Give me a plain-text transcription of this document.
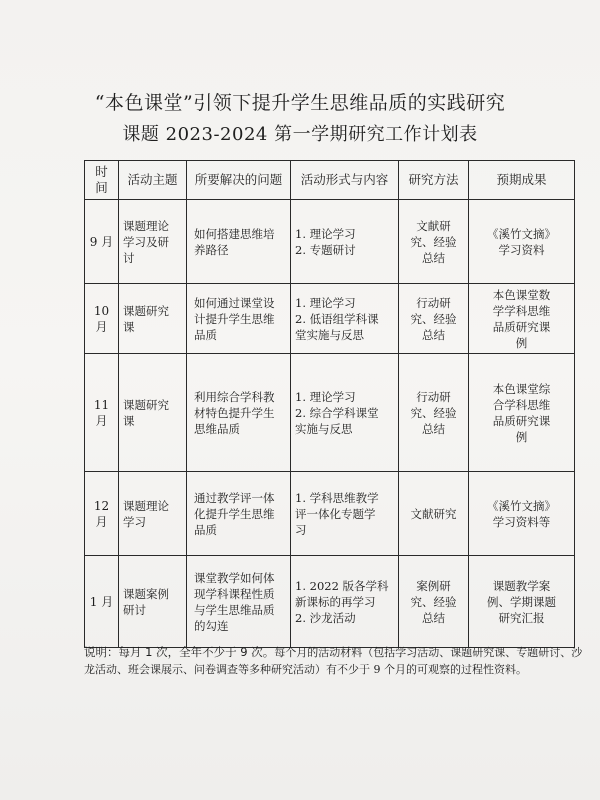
“本色课堂”引领下提升学生思维品质的实践研究
课题 2023-2024 第一学期研究工作计划表
时
间	活动主题	所要解决的问题	活动形式与内容	研究方法	预期成果

9 月	课题理论
学习及研
讨	如何搭建思维培
养路径	1. 理论学习
2. 专题研讨	文献研
究、经验
总结	《溪竹文摘》
学习资料

10 月	课题研究
课	如何通过课堂设
计提升学生思维
品质	1. 理论学习
2. 低语组学科课
堂实施与反思	行动研
究、经验
总结	本色课堂数
学学科思维
品质研究课
例

11 月	课题研究
课	利用综合学科教
材特色提升学生
思维品质	1. 理论学习
2. 综合学科课堂
实施与反思	行动研
究、经验
总结	本色课堂综
合学科思维
品质研究课
例

12 月	课题理论
学习	通过教学评一体
化提升学生思维
品质	1. 学科思维教学
评一体化专题学
习	文献研究	《溪竹文摘》
学习资料等

1 月	课题案例
研讨	课堂教学如何体
现学科课程性质
与学生思维品质
的勾连	1. 2022 版各学科
新课标的再学习
2. 沙龙活动	案例研
究、经验
总结	课题教学案
例、学期课题
研究汇报
说明：每月 1 次，全年不少于 9 次。每个月的活动材料（包括学习活动、课题研究课、专题研讨、沙龙活动、班会课展示、问卷调查等多种研究活动）有不少于 9 个月的可观察的过程性资料。
